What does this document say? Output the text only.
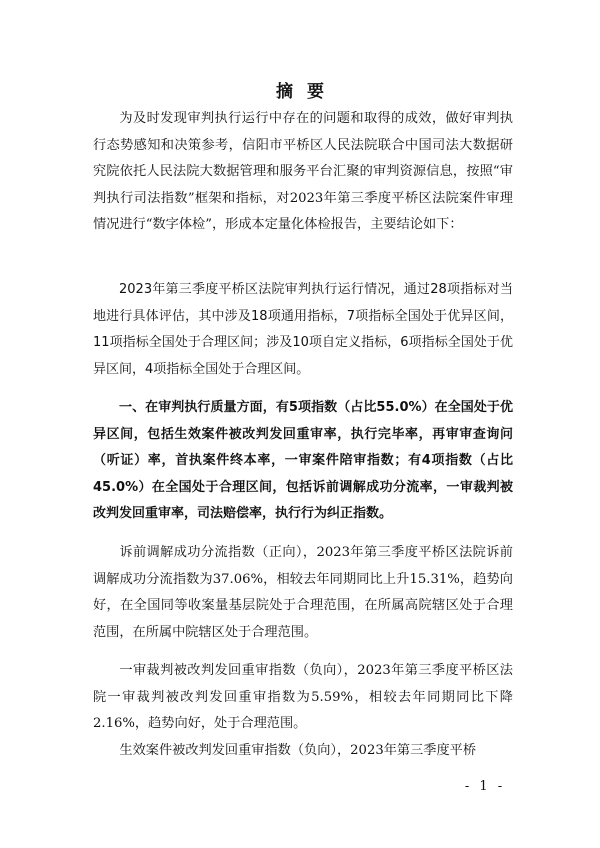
摘要

为及时发现审判执行运行中存在的问题和取得的成效，做好审判执行态势感知和决策参考，信阳市平桥区人民法院联合中国司法大数据研究院依托人民法院大数据管理和服务平台汇聚的审判资源信息，按照“审判执行司法指数”框架和指标，对2023年第三季度平桥区法院案件审理情况进行“数字体检”，形成本定量化体检报告，主要结论如下：

2023年第三季度平桥区法院审判执行运行情况，通过28项指标对当地进行具体评估，其中涉及18项通用指标，7项指标全国处于优异区间，11项指标全国处于合理区间；涉及10项自定义指标，6项指标全国处于优异区间，4项指标全国处于合理区间。

一、在审判执行质量方面，有5项指数（占比55.0%）在全国处于优异区间，包括生效案件被改判发回重审率，执行完毕率，再审审查询问（听证）率，首执案件终本率，一审案件陪审指数；有4项指数（占比45.0%）在全国处于合理区间，包括诉前调解成功分流率，一审裁判被改判发回重审率，司法赔偿率，执行行为纠正指数。

诉前调解成功分流指数（正向），2023年第三季度平桥区法院诉前调解成功分流指数为37.06%，相较去年同期同比上升15.31%，趋势向好，在全国同等收案量基层院处于合理范围，在所属高院辖区处于合理范围，在所属中院辖区处于合理范围。

一审裁判被改判发回重审指数（负向），2023年第三季度平桥区法院一审裁判被改判发回重审指数为5.59%，相较去年同期同比下降2.16%，趋势向好，处于合理范围。

生效案件被改判发回重审指数（负向），2023年第三季度平桥

- 1 -
